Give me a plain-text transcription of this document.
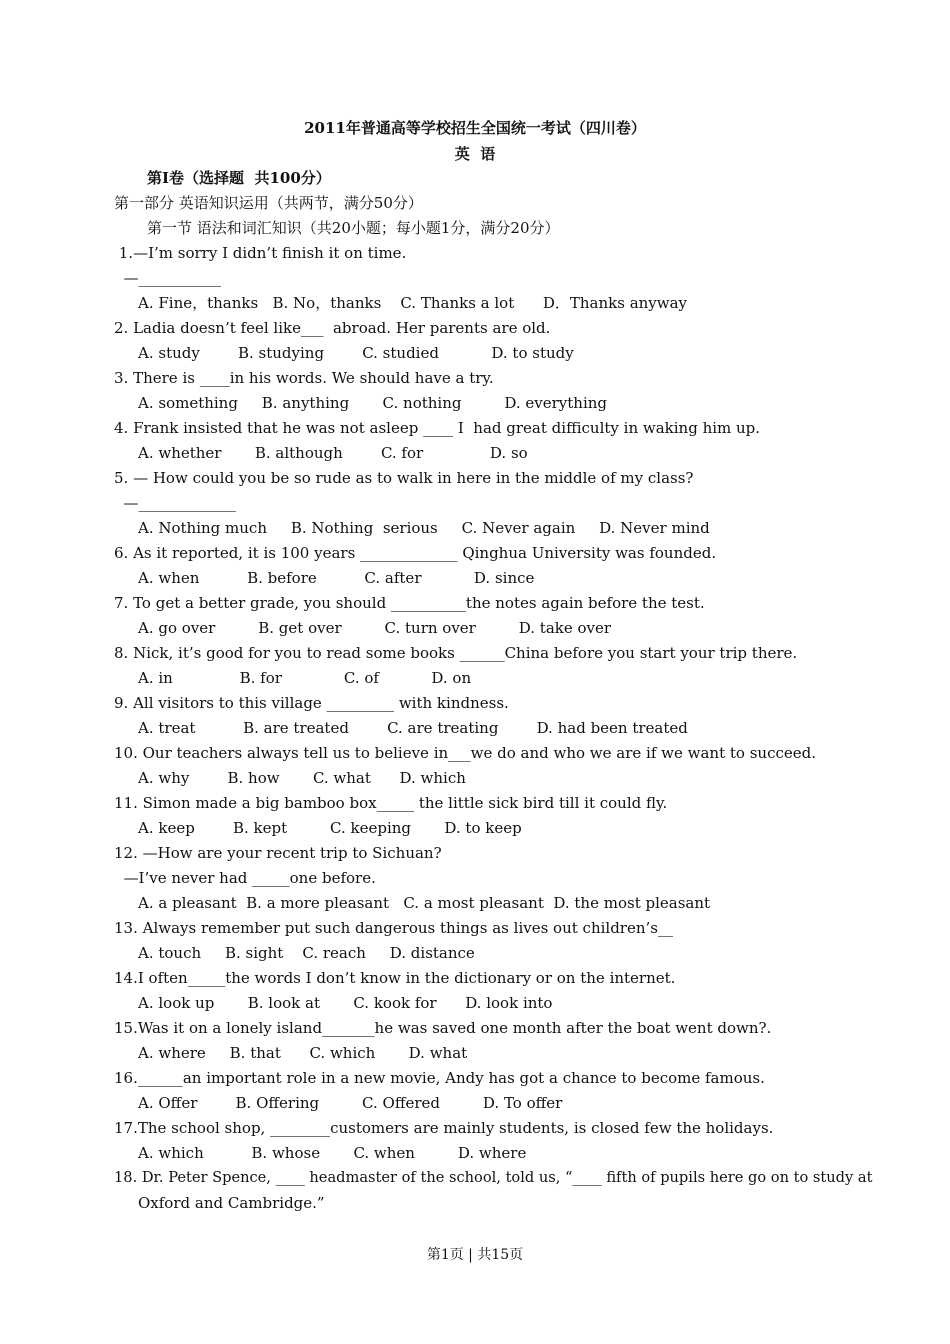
2011年普通高等学校招生全国统一考试（四川卷）
英  语
第Ⅰ卷（选择题  共100分）
第一部分 英语知识运用（共两节，满分50分）
第一节 语法和词汇知识（共20小题；每小题1分，满分20分）
1.—I’m sorry I didn’t finish it on time.
—___________
A. Fine，thanks   B. No，thanks    C. Thanks a lot      D．Thanks anyway
2. Ladia doesn’t feel like___  abroad. Her parents are old.
A. study        B. studying        C. studied           D. to study
3. There is ____in his words. We should have a try.
A. something     B. anything       C. nothing         D. everything
4. Frank insisted that he was not asleep ____ I  had great difficulty in waking him up.
A. whether       B. although        C. for              D. so
5. — How could you be so rude as to walk in here in the middle of my class?
—_____________
A. Nothing much     B. Nothing  serious     C. Never again     D. Never mind
6. As it reported, it is 100 years _____________ Qinghua University was founded.
A. when          B. before          C. after           D. since
7. To get a better grade, you should __________the notes again before the test.
A. go over         B. get over         C. turn over         D. take over
8. Nick, it’s good for you to read some books ______China before you start your trip there.
A. in              B. for             C. of           D. on
9. All visitors to this village _________ with kindness.
A. treat          B. are treated        C. are treating        D. had been treated
10. Our teachers always tell us to believe in___we do and who we are if we want to succeed.
A. why        B. how       C. what      D. which
11. Simon made a big bamboo box_____ the little sick bird till it could fly.
A. keep        B. kept         C. keeping       D. to keep
12. —How are your recent trip to Sichuan?
—I’ve never had _____one before.
A. a pleasant  B. a more pleasant   C. a most pleasant  D. the most pleasant
13. Always remember put such dangerous things as lives out children’s__
A. touch     B. sight    C. reach     D. distance
14.I often_____the words I don’t know in the dictionary or on the internet.
A. look up       B. look at       C. kook for      D. look into
15.Was it on a lonely island_______he was saved one month after the boat went down?.
A. where     B. that      C. which       D. what
16.______an important role in a new movie, Andy has got a chance to become famous.
A. Offer        B. Offering         C. Offered         D. To offer
17.The school shop, ________customers are mainly students, is closed few the holidays.
A. which          B. whose       C. when         D. where
18. Dr. Peter Spence, ____ headmaster of the school, told us, “____ fifth of pupils here go on to study at
Oxford and Cambridge.”
第1页 | 共15页
